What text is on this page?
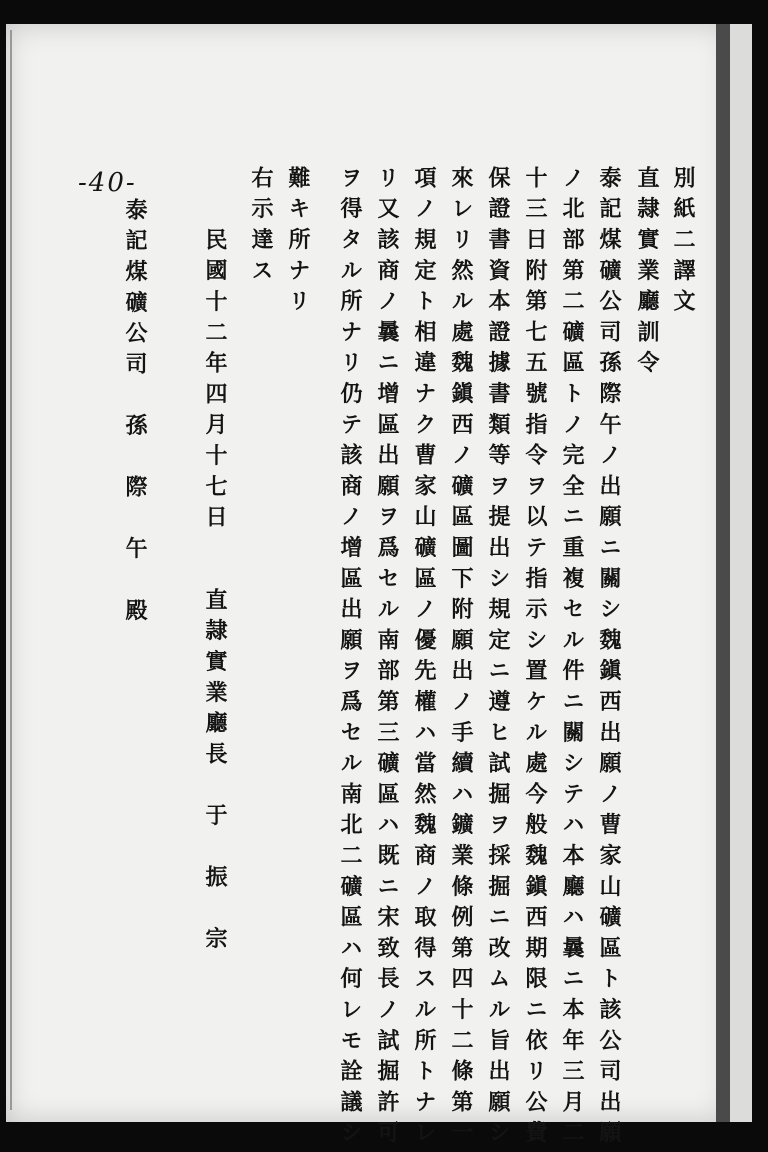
別紙二譯文
直隷實業廳訓令
泰記煤礦公司孫際午ノ出願ニ關シ魏鎭西出願ノ曹家山礦區ト該公司出願
ノ北部第二礦區トノ完全ニ重複セル件ニ關シテハ本廳ハ曩ニ本年三月二
十三日附第七五號指令ヲ以テ指示シ置ケル處今般魏鎭西期限ニ依リ公費
保證書資本證據書類等ヲ提出シ規定ニ遵ヒ試掘ヲ採掘ニ改ムル旨出願シ
來レリ然ル處魏鎭西ノ礦區圖下附願出ノ手續ハ鑛業條例第四十二條第一
項ノ規定ト相違ナク曹家山礦區ノ優先權ハ當然魏商ノ取得スル所トナレ
リ又該商ノ曩ニ增區出願ヲ爲セル南部第三礦區ハ既ニ宋致長ノ試掘許可
ヲ得タル所ナリ仍テ該商ノ增區出願ヲ爲セル南北二礦區ハ何レモ詮議シ
難キ所ナリ
右示達ス
民國十二年四月十七日
直隷實業廳長　于　振　宗
泰記煤礦公司　孫　際　午　殿
-40-
